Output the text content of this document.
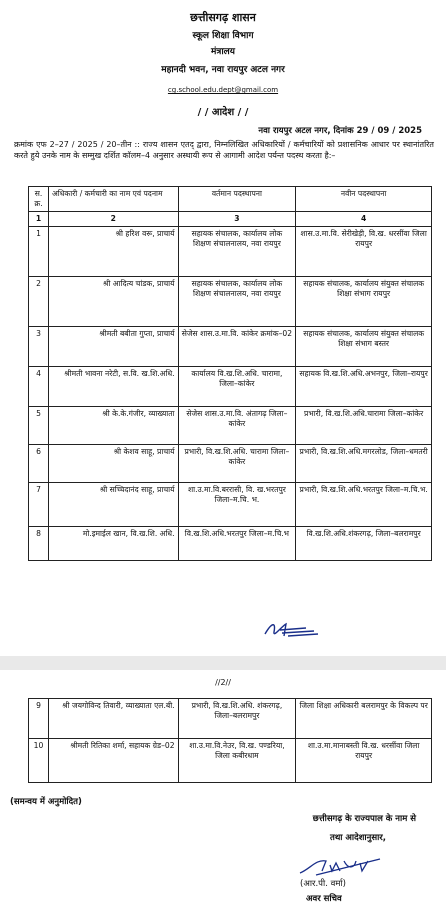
छत्तीसगढ़ शासन
स्कूल शिक्षा विभाग
मंत्रालय
महानदी भवन, नवा रायपुर अटल नगर
cg.school.edu.dept@gmail.com
/ / आदेश / /
नवा रायपुर अटल नगर, दिनांक 29 / 09 / 2025
क्रमांक एफ 2–27 / 2025 / 20–तीन :: राज्य शासन एतद् द्वारा, निम्नलिखित अधिकारियों / कर्मचारियों को प्रशासनिक आधार पर स्थानांतरित करते हुये उनके नाम के सम्मुख दर्शित कॉलम–4 अनुसार अस्थायी रूप से आगामी आदेश पर्यन्त पदस्थ करता है:–
स. क्र.	अधिकारी / कर्मचारी का नाम एवं पदनाम	वर्तमान पदस्थापना	नवीन पदस्थापना
1	2	3	4
1	श्री हरिश वरू, प्राचार्य	सहायक संचालक, कार्यालय लोक शिक्षण संचालनालय, नवा रायपुर	शास.उ.मा.वि. सेरीखेड़ी, वि.ख. धरसींवा जिला रायपुर
2	श्री आदित्य चांडक, प्राचार्य	सहायक संचालक, कार्यालय लोक शिक्षण संचालनालय, नवा रायपुर	सहायक संचालक, कार्यालय संयुक्त संचालक शिक्षा संभाग रायपुर
3	श्रीमती बबीता गुप्ता, प्राचार्य	सेजेस शास.उ.मा.वि. कांकेर क्रमांक–02	सहायक संचालक, कार्यालय संयुक्त संचालक शिक्षा संभाग बस्तर
4	श्रीमती भावना नरेटी, स.वि. ख.शि.अधि.	कार्यालय वि.ख.शि.अधि. चारामा, जिला–कांकेर	सहायक वि.ख.शि.अधि.अभनपुर, जिला–रायपुर
5	श्री के.के.गंजीर, व्याख्याता	सेजेस शास.उ.मा.वि. अंतागढ़ जिला–कांकेर	प्रभारी, वि.ख.शि.अधि.चारामा जिला–कांकेर
6	श्री केशव साहू, प्राचार्य	प्रभारी, वि.ख.शि.अधि. चारामा जिला–कांकेर	प्रभारी, वि.ख.शि.अधि.मगरलोड, जिला–धमतरी
7	श्री सच्चिदानंद साहू, प्राचार्य	शा.उ.मा.वि.बररासी, वि. ख.भरतपुर जिला–म.चि. भ.	प्रभारी, वि.ख.शि.अधि.भरतपुर जिला–म.चि.भ.
8	मो.इमाईल खान, वि.ख.शि. अधि.	वि.ख.शि.अधि.भरतपुर जिला–म.चि.भ	वि.ख.शि.अधि.शंकरगढ़, जिला–बलरामपुर
//2//
9	श्री जयगोविन्द तिवारी, व्याख्याता एल.बी.	प्रभारी, वि.ख.शि.अधि. शंकरगढ़, जिला–बलरामपुर	जिला शिक्षा अधिकारी बलरामपुर के विकल्प पर
10	श्रीमती रितिका शर्मा, सहायक ग्रेड–02	शा.उ.मा.वि.नेउर, वि.ख. पण्डरिया, जिला कबीरधाम	शा.उ.मा.मानाबस्ती वि.ख. धरसींवा जिला रायपुर
(समन्वय में अनुमोदित)
छत्तीसगढ़ के राज्यपाल के नाम से
तथा आदेशानुसार,
(आर.पी. वर्मा)
अवर सचिव
